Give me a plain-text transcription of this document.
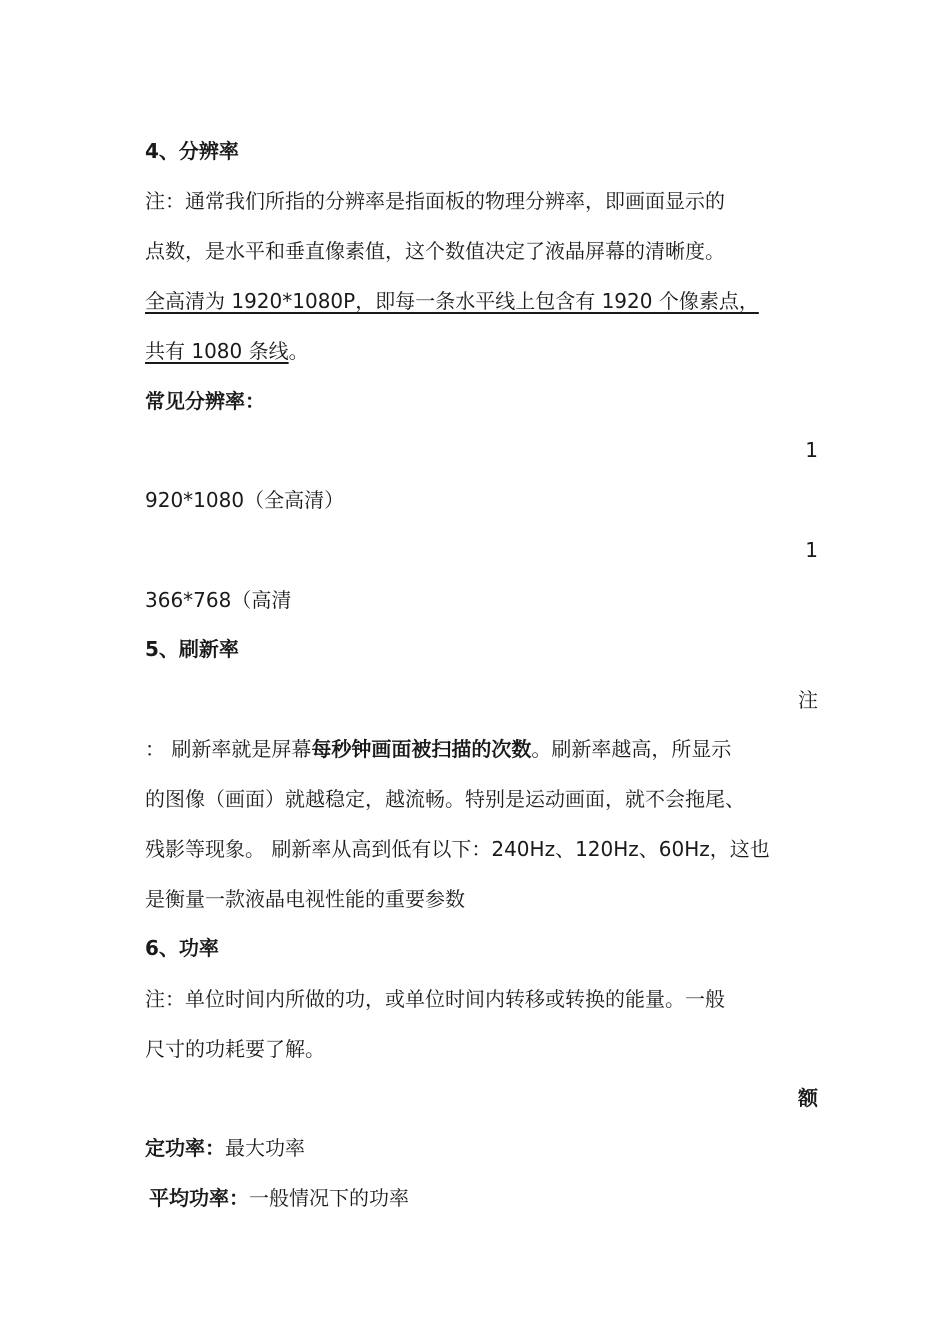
4、分辨率
注：通常我们所指的分辨率是指面板的物理分辨率，即画面显示的
点数，是水平和垂直像素值，这个数值决定了液晶屏幕的清晰度。
全高清为 1920*1080P，即每一条水平线上包含有 1920 个像素点，
共有 1080 条线。
常见分辨率：
1
920*1080（全高清）
1
366*768（高清
5、刷新率
注
： 刷新率就是屏幕每秒钟画面被扫描的次数。刷新率越高，所显示
的图像（画面）就越稳定，越流畅。特别是运动画面，就不会拖尾、
残影等现象。 刷新率从高到低有以下：240Hz、120Hz、60Hz，这也
是衡量一款液晶电视性能的重要参数
6、功率
注：单位时间内所做的功，或单位时间内转移或转换的能量。一般
尺寸的功耗要了解。
额
定功率：最大功率
平均功率：一般情况下的功率
